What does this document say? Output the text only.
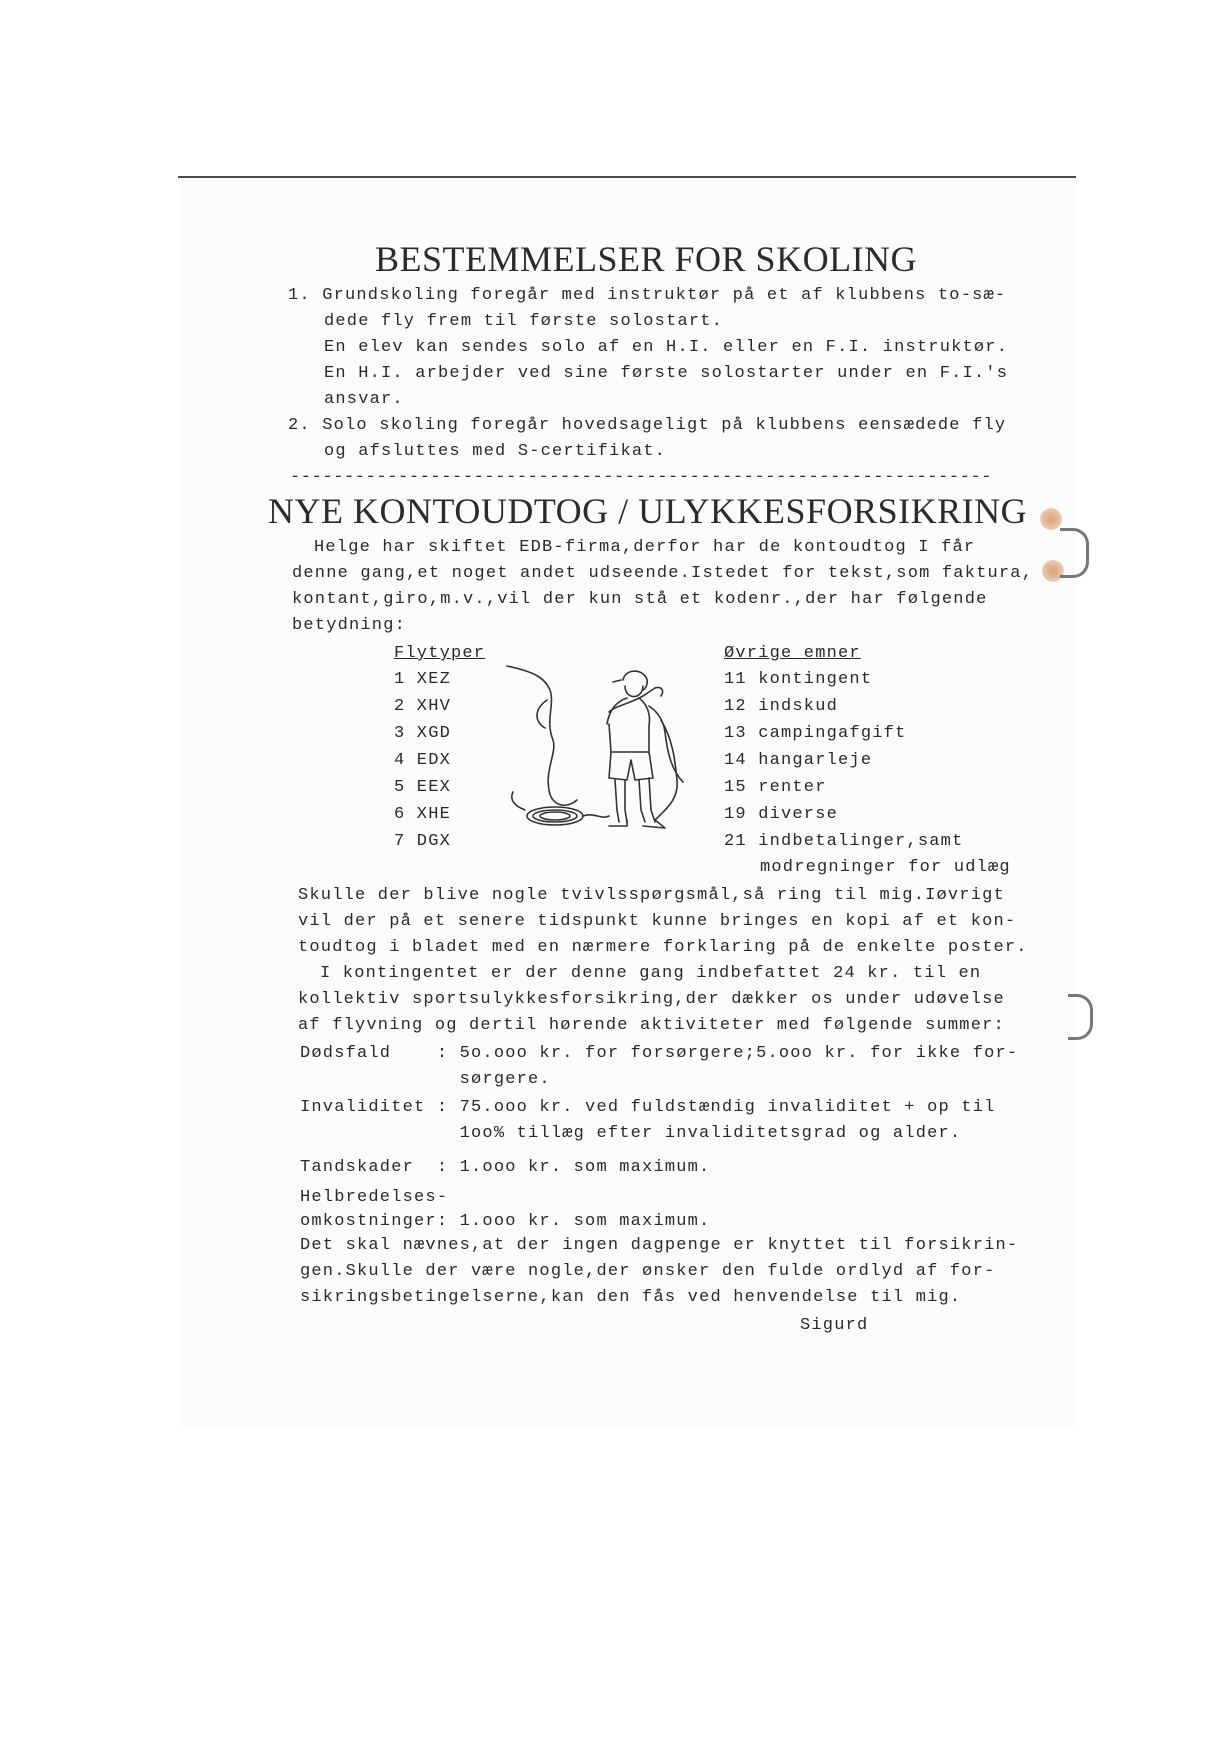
BESTEMMELSER FOR SKOLING
1. Grundskoling foregår med instruktør på et af klubbens to-sæ-
dede fly frem til første solostart.
En elev kan sendes solo af en H.I. eller en F.I. instruktør.
En H.I. arbejder ved sine første solostarter under en F.I.'s
ansvar.
2. Solo skoling foregår hovedsageligt på klubbens eensædede fly
og afsluttes med S-certifikat.
-----------------------------------------------------------------
NYE KONTOUDTOG / ULYKKESFORSIKRING
Helge har skiftet EDB-firma,derfor har de kontoudtog I får
denne gang,et noget andet udseende.Istedet for tekst,som faktura,
kontant,giro,m.v.,vil der kun stå et kodenr.,der har følgende
betydning:
Flytyper
1 XEZ
2 XHV
3 XGD
4 EDX
5 EEX
6 XHE
7 DGX
Øvrige emner
11 kontingent
12 indskud
13 campingafgift
14 hangarleje
15 renter
19 diverse
21 indbetalinger,samt
modregninger for udlæg
Skulle der blive nogle tvivlsspørgsmål,så ring til mig.Iøvrigt
vil der på et senere tidspunkt kunne bringes en kopi af et kon-
toudtog i bladet med en nærmere forklaring på de enkelte poster.
I kontingentet er der denne gang indbefattet 24 kr. til en
kollektiv sportsulykkesforsikring,der dækker os under udøvelse
af flyvning og dertil hørende aktiviteter med følgende summer:
Dødsfald    : 5o.ooo kr. for forsørgere;5.ooo kr. for ikke for-
sørgere.
Invaliditet : 75.ooo kr. ved fuldstændig invaliditet + op til
1oo% tillæg efter invaliditetsgrad og alder.
Tandskader  : 1.ooo kr. som maximum.
Helbredelses-
omkostninger: 1.ooo kr. som maximum.
Det skal nævnes,at der ingen dagpenge er knyttet til forsikrin-
gen.Skulle der være nogle,der ønsker den fulde ordlyd af for-
sikringsbetingelserne,kan den fås ved henvendelse til mig.
Sigurd
